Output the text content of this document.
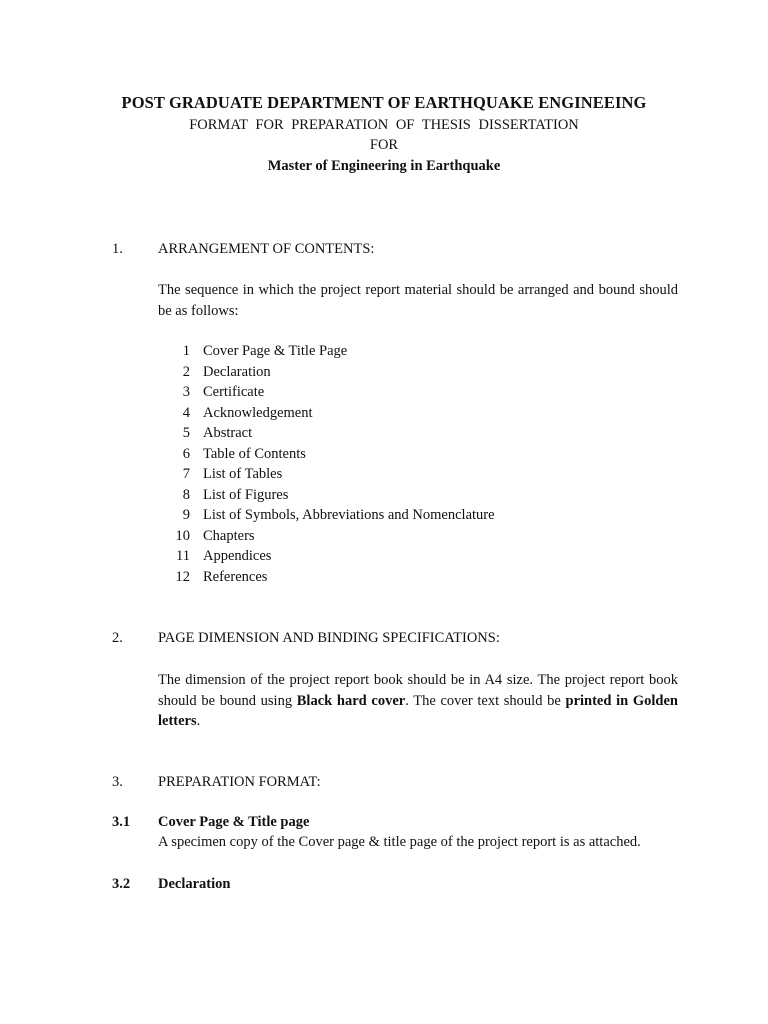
POST GRADUATE DEPARTMENT OF EARTHQUAKE ENGINEEING
FORMAT FOR PREPARATION OF THESIS DISSERTATION
FOR
Master of Engineering in Earthquake
1. ARRANGEMENT OF CONTENTS:
The sequence in which the project report material should be arranged and bound should be as follows:
1 Cover Page & Title Page
2 Declaration
3 Certificate
4 Acknowledgement
5 Abstract
6 Table of Contents
7 List of Tables
8 List of Figures
9 List of Symbols, Abbreviations and Nomenclature
10 Chapters
11 Appendices
12 References
2. PAGE DIMENSION AND BINDING SPECIFICATIONS:
The dimension of the project report book should be in A4 size. The project report book should be bound using Black hard cover. The cover text should be printed in Golden letters.
3. PREPARATION FORMAT:
3.1 Cover Page & Title page
A specimen copy of the Cover page & title page of the project report is as attached.
3.2 Declaration
